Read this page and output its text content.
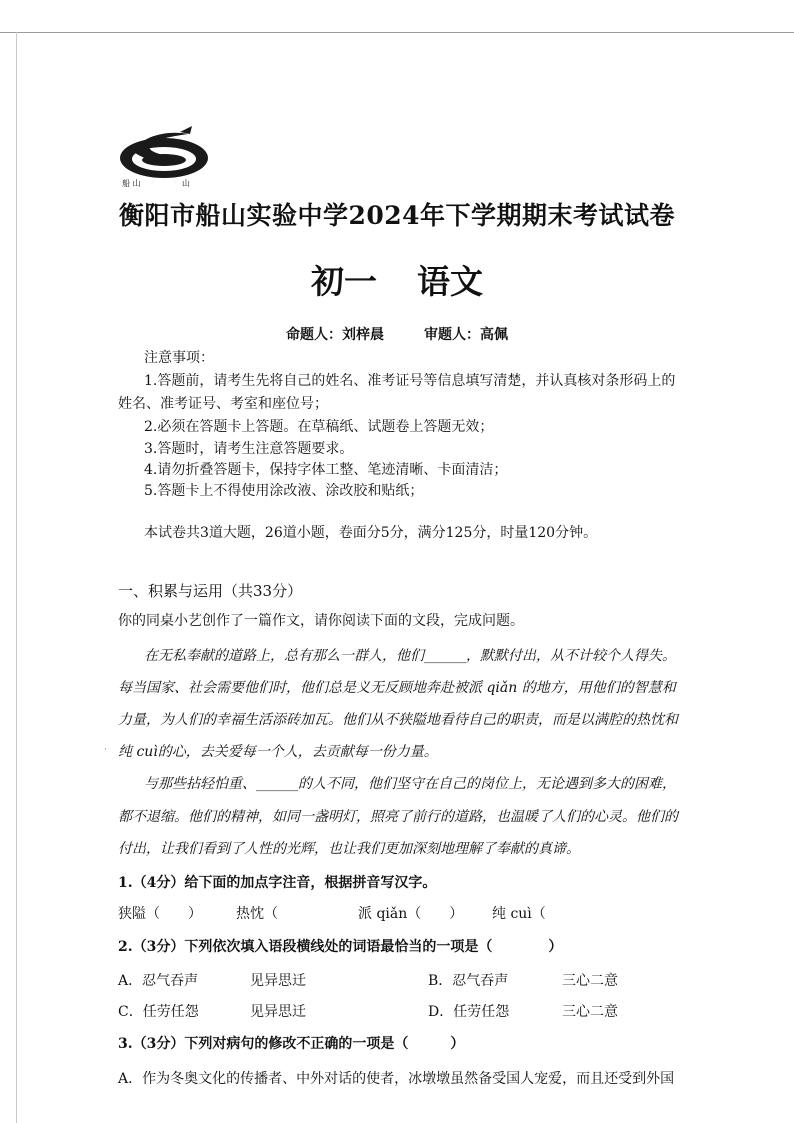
船 山	山
衡阳市船山实验中学2024年下学期期末考试试卷
初一 语文
命题人：刘梓晨	审题人：高佩
注意事项：
1.答题前，请考生先将自己的姓名、准考证号等信息填写清楚，并认真核对条形码上的
姓名、准考证号、考室和座位号；
2.必须在答题卡上答题。在草稿纸、试题卷上答题无效；
3.答题时，请考生注意答题要求。
4.请勿折叠答题卡，保持字体工整、笔迹清晰、卡面清洁；
5.答题卡上不得使用涂改液、涂改胶和贴纸；
本试卷共3道大题，26道小题，卷面分5分，满分125分，时量120分钟。
一、积累与运用（共33分）
你的同桌小艺创作了一篇作文，请你阅读下面的文段，完成问题。
在无私奉献的道路上，总有那么一群人，他们______，默默付出，从不计较个人得失。
每当国家、社会需要他们时，他们总是义无反顾地奔赴被派 qiǎn 的地方，用他们的智慧和
力量，为人们的幸福生活添砖加瓦。他们从不狭隘地看待自己的职责，而是以满腔的热忱和
纯 cuì的心，去关爱每一个人，去贡献每一份力量。
与那些拈轻怕重、______的人不同，他们坚守在自己的岗位上，无论遇到多大的困难，
都不退缩。他们的精神，如同一盏明灯，照亮了前行的道路，也温暖了人们的心灵。他们的
付出，让我们看到了人性的光辉，也让我们更加深刻地理解了奉献的真谛。
1.（4分）给下面的加点字注音，根据拼音写汉字。
狭隘（　　） 热忱（	派 qiǎn（　　） 纯 cuì（
2.（3分）下列依次填入语段横线处的词语最恰当的一项是（　　　　）
A．忍气吞声	见异思迁	B．忍气吞声	三心二意
C．任劳任怨	见异思迁	D．任劳任怨	三心二意
3.（3分）下列对病句的修改不正确的一项是（　　　）
A．作为冬奥文化的传播者、中外对话的使者，冰墩墩虽然备受国人宠爱，而且还受到外国
·
